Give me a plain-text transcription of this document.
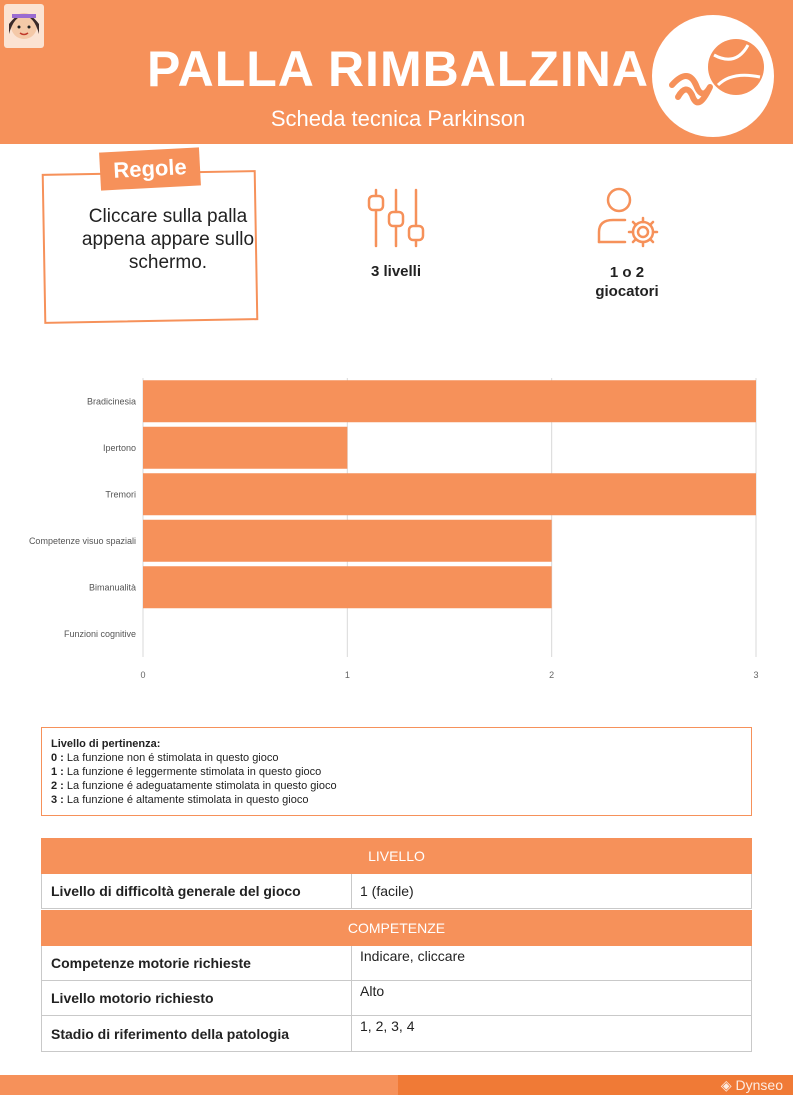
PALLA RIMBALZINA
Scheda tecnica Parkinson
Regole
Cliccare sulla palla appena appare sullo schermo.	3 livelli	1 o 2 giocatori
Bradicinesia
Ipertono
Tremori
Competenze visuo spaziali
Bimanualità
Funzioni cognitive
0	1	2	3
Livello di pertinenza:
0 : La funzione non é stimolata in questo gioco
1 : La funzione é leggermente stimolata in questo gioco
2 : La funzione é adeguatamente stimolata in questo gioco
3 : La funzione é altamente stimolata in questo gioco
LIVELLO
Livello di difficoltà generale del gioco	1 (facile)
COMPETENZE
Competenze motorie richieste	Indicare, cliccare
Livello motorio richiesto	Alto
Stadio di riferimento della patologia	1, 2, 3, 4
◈ Dynseo
